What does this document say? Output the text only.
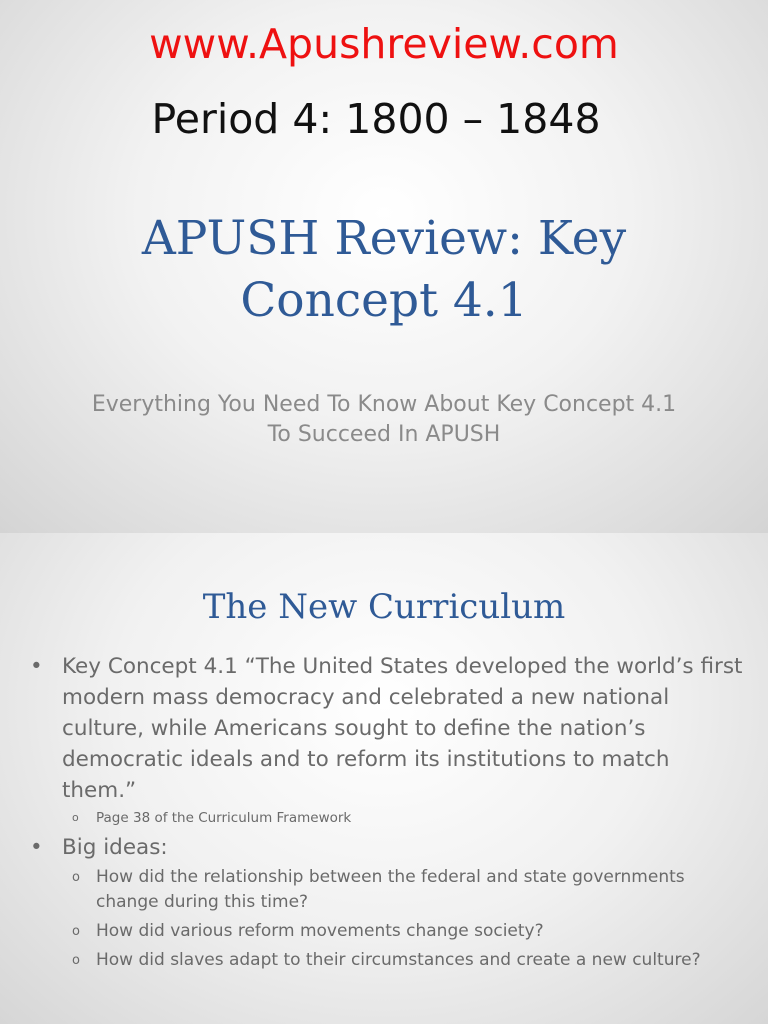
www.Apushreview.com
Period 4: 1800 – 1848
APUSH Review: Key Concept 4.1
Everything You Need To Know About Key Concept 4.1 To Succeed In APUSH
The New Curriculum
• Key Concept 4.1 “The United States developed the world’s first modern mass democracy and celebrated a new national culture, while Americans sought to define the nation’s democratic ideals and to reform its institutions to match them.”
o Page 38 of the Curriculum Framework
• Big ideas:
o How did the relationship between the federal and state governments change during this time?
o How did various reform movements change society?
o How did slaves adapt to their circumstances and create a new culture?
